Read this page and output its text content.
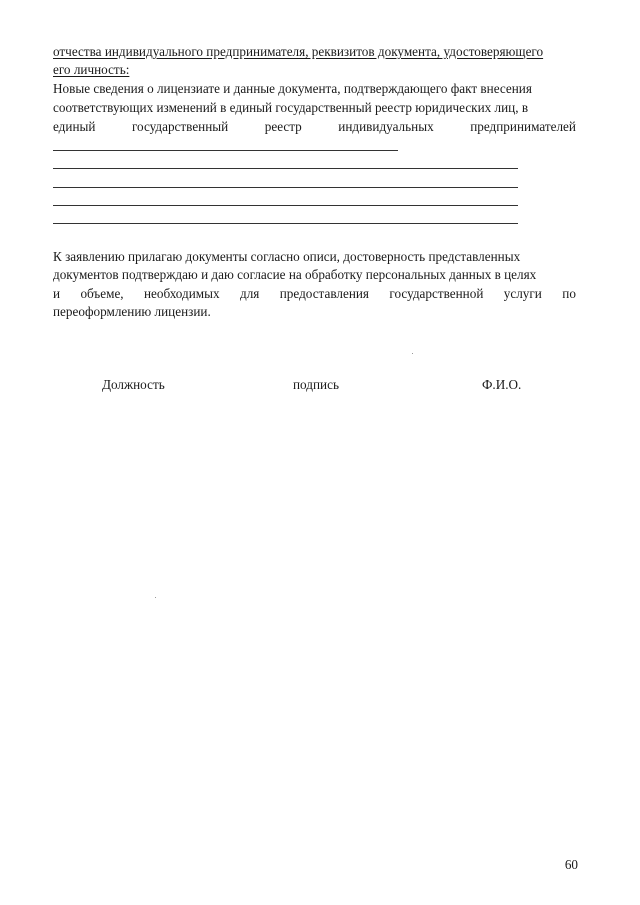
отчества индивидуального предпринимателя, реквизитов документа, удостоверяющего
его личность:
Новые сведения о лицензиате и данные документа, подтверждающего факт внесения
соответствующих изменений в единый государственный реестр юридических лиц, в
единый	государственный	реестр	индивидуальных	предпринимателей
К заявлению прилагаю документы согласно описи, достоверность представленных
документов подтверждаю и даю согласие на обработку персональных данных в целях
и объеме, необходимых для предоставления государственной услуги по
переоформлению лицензии.
Должность	подпись	Ф.И.О.
60
